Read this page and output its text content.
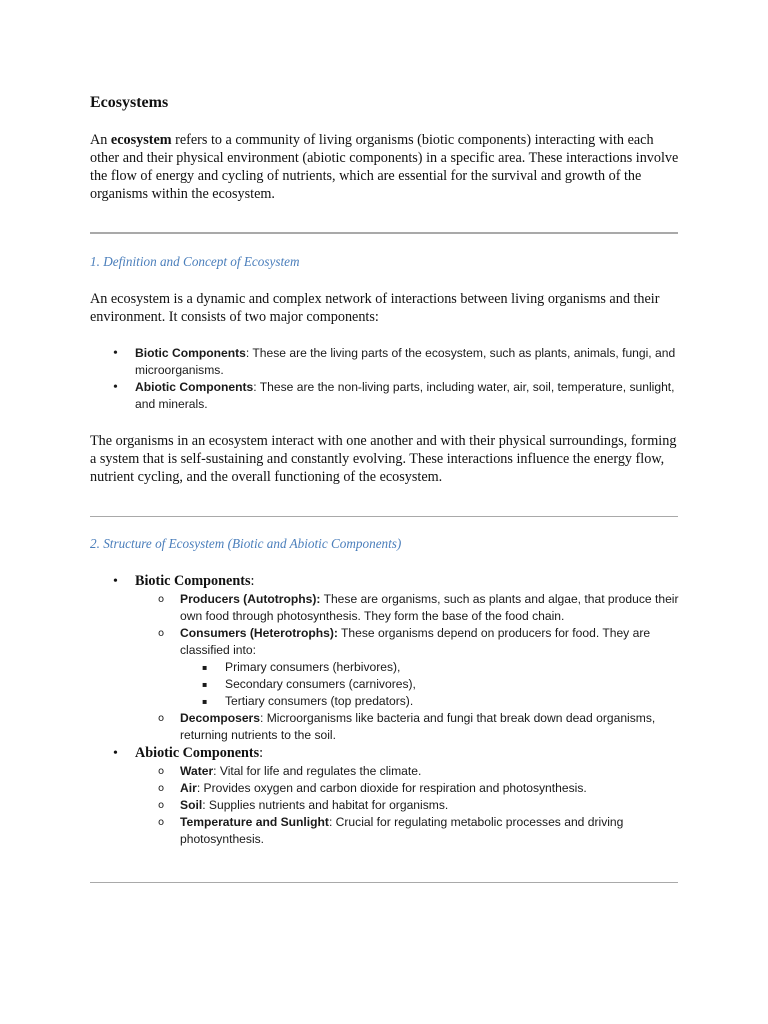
Ecosystems

An ecosystem refers to a community of living organisms (biotic components) interacting with each other and their physical environment (abiotic components) in a specific area. These interactions involve the flow of energy and cycling of nutrients, which are essential for the survival and growth of the organisms within the ecosystem.

1. Definition and Concept of Ecosystem

An ecosystem is a dynamic and complex network of interactions between living organisms and their environment. It consists of two major components:

• Biotic Components: These are the living parts of the ecosystem, such as plants, animals, fungi, and microorganisms.
• Abiotic Components: These are the non-living parts, including water, air, soil, temperature, sunlight, and minerals.

The organisms in an ecosystem interact with one another and with their physical surroundings, forming a system that is self-sustaining and constantly evolving. These interactions influence the energy flow, nutrient cycling, and the overall functioning of the ecosystem.

2. Structure of Ecosystem (Biotic and Abiotic Components)
• Biotic Components:
o Producers (Autotrophs): These are organisms, such as plants and algae, that produce their own food through photosynthesis. They form the base of the food chain.
o Consumers (Heterotrophs): These organisms depend on producers for food. They are classified into:
▪ Primary consumers (herbivores),
▪ Secondary consumers (carnivores),
▪ Tertiary consumers (top predators).
o Decomposers: Microorganisms like bacteria and fungi that break down dead organisms, returning nutrients to the soil.
• Abiotic Components:
o Water: Vital for life and regulates the climate.
o Air: Provides oxygen and carbon dioxide for respiration and photosynthesis.
o Soil: Supplies nutrients and habitat for organisms.
o Temperature and Sunlight: Crucial for regulating metabolic processes and driving photosynthesis.
